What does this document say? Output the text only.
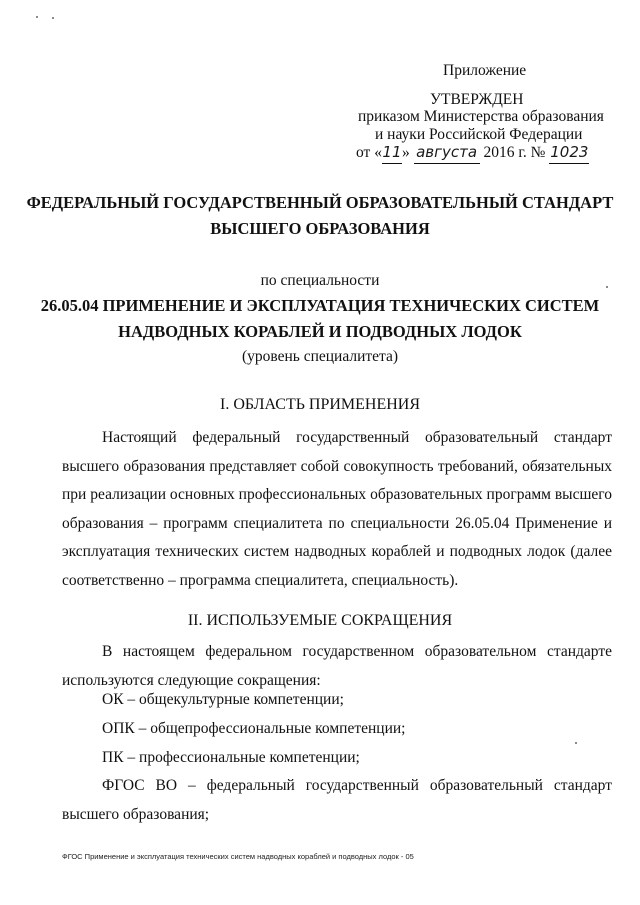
Приложение
УТВЕРЖДЕН
приказом Министерства образования
и науки Российской Федерации
от «11» августа 2016 г. № 1023
ФЕДЕРАЛЬНЫЙ ГОСУДАРСТВЕННЫЙ ОБРАЗОВАТЕЛЬНЫЙ СТАНДАРТ
ВЫСШЕГО ОБРАЗОВАНИЯ
по специальности
26.05.04 ПРИМЕНЕНИЕ И ЭКСПЛУАТАЦИЯ ТЕХНИЧЕСКИХ СИСТЕМ
НАДВОДНЫХ КОРАБЛЕЙ И ПОДВОДНЫХ ЛОДОК
(уровень специалитета)
I. ОБЛАСТЬ ПРИМЕНЕНИЯ
Настоящий федеральный государственный образовательный стандарт высшего образования представляет собой совокупность требований, обязательных при реализации основных профессиональных образовательных программ высшего образования – программ специалитета по специальности 26.05.04 Применение и эксплуатация технических систем надводных кораблей и подводных лодок (далее соответственно – программа специалитета, специальность).
II. ИСПОЛЬЗУЕМЫЕ СОКРАЩЕНИЯ
В настоящем федеральном государственном образовательном стандарте используются следующие сокращения:
ОК – общекультурные компетенции;
ОПК – общепрофессиональные компетенции;
ПК – профессиональные компетенции;
ФГОС ВО – федеральный государственный образовательный стандарт высшего образования;
ФГОС Применение и эксплуатация технических систем надводных кораблей и подводных лодок - 05
